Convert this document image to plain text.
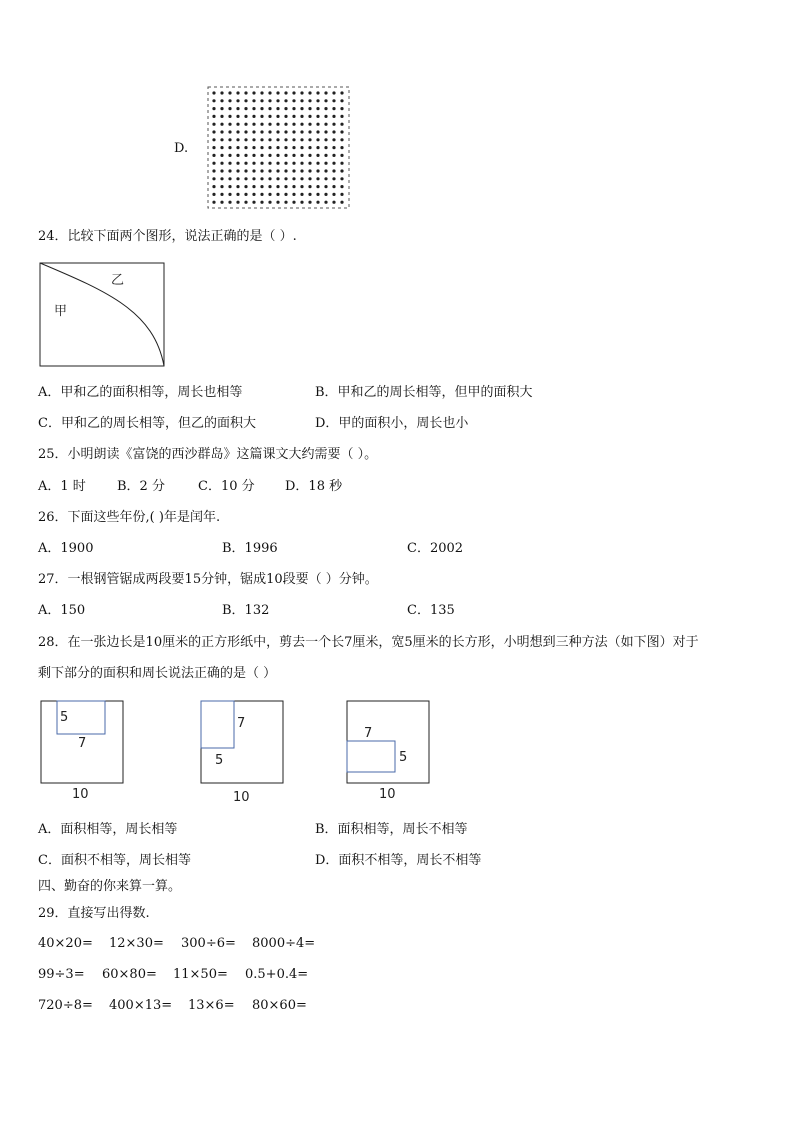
D.
24．比较下面两个图形，说法正确的是（ ）.
乙
甲
A．甲和乙的面积相等，周长也相等	B．甲和乙的周长相等，但甲的面积大
C．甲和乙的周长相等，但乙的面积大	D．甲的面积小，周长也小
25．小明朗读《富饶的西沙群岛》这篇课文大约需要（ ）。
A．1 时 B．2 分	C．10 分 D．18 秒
26．下面这些年份,( )年是闰年.
A．1900	B．1996	C．2002
27．一根钢管锯成两段要15分钟，锯成10段要（ ）分钟。
A．150	B．132	C．135
28．在一张边长是10厘米的正方形纸中，剪去一个长7厘米，宽5厘米的长方形，小明想到三种方法（如下图）对于
剩下部分的面积和周长说法正确的是（ ）
5
7
10
7
5
10
7
5
10
A．面积相等，周长相等	B．面积相等，周长不相等
C．面积不相等，周长相等	D．面积不相等，周长不相等
四、勤奋的你来算一算。
29．直接写出得数.
40×20= 12×30= 300÷6= 8000÷4=
99÷3= 60×80= 11×50= 0.5+0.4=
720÷8= 400×13= 13×6= 80×60=
